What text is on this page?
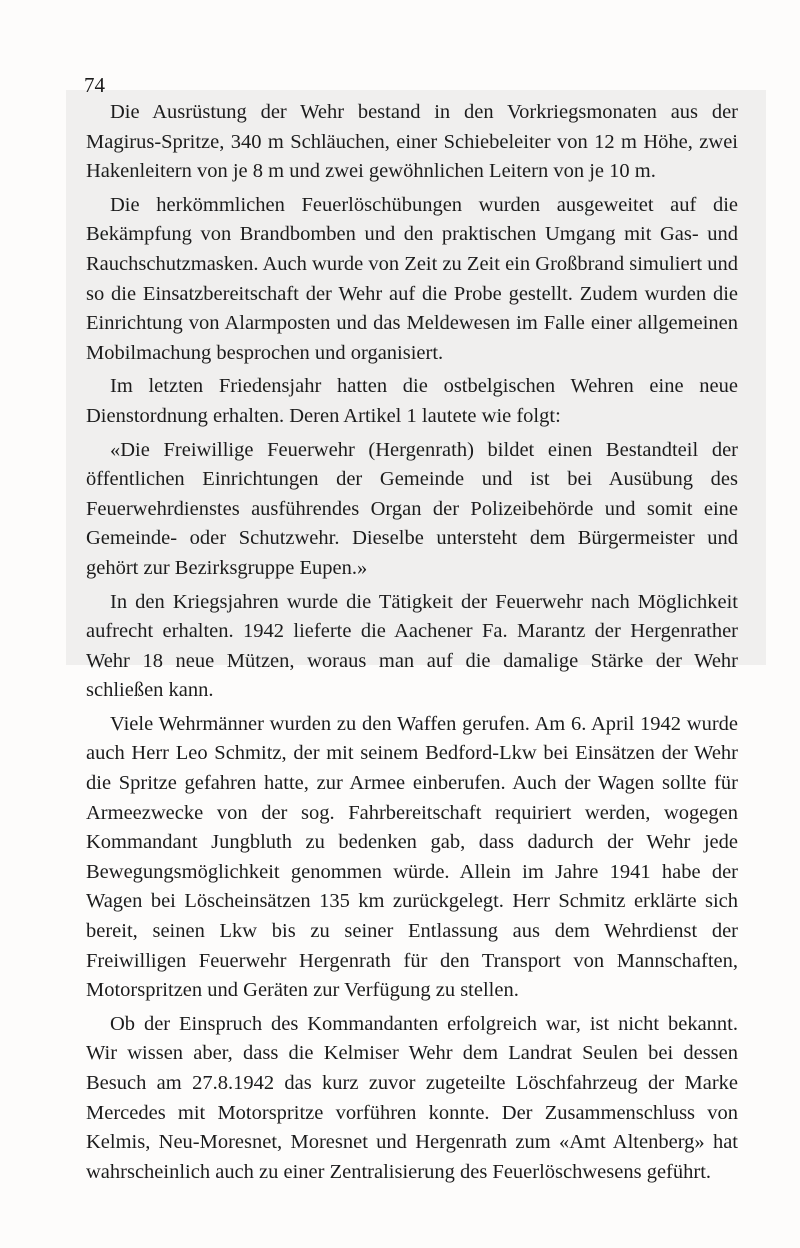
74

Die Ausrüstung der Wehr bestand in den Vorkriegsmonaten aus der Magirus-Spritze, 340 m Schläuchen, einer Schiebeleiter von 12 m Höhe, zwei Hakenleitern von je 8 m und zwei gewöhnlichen Leitern von je 10 m.

Die herkömmlichen Feuerlöschübungen wurden ausgeweitet auf die Bekämpfung von Brandbomben und den praktischen Umgang mit Gas- und Rauchschutzmasken. Auch wurde von Zeit zu Zeit ein Großbrand simuliert und so die Einsatzbereitschaft der Wehr auf die Probe gestellt. Zudem wurden die Einrichtung von Alarmposten und das Meldewesen im Falle einer allgemeinen Mobilmachung besprochen und organisiert.

Im letzten Friedensjahr hatten die ostbelgischen Wehren eine neue Dienstordnung erhalten. Deren Artikel 1 lautete wie folgt:

«Die Freiwillige Feuerwehr (Hergenrath) bildet einen Bestandteil der öffentlichen Einrichtungen der Gemeinde und ist bei Ausübung des Feuerwehrdienstes ausführendes Organ der Polizeibehörde und somit eine Gemeinde- oder Schutzwehr. Dieselbe untersteht dem Bürgermeister und gehört zur Bezirksgruppe Eupen.»

In den Kriegsjahren wurde die Tätigkeit der Feuerwehr nach Möglichkeit aufrecht erhalten. 1942 lieferte die Aachener Fa. Marantz der Hergenrather Wehr 18 neue Mützen, woraus man auf die damalige Stärke der Wehr schließen kann.

Viele Wehrmänner wurden zu den Waffen gerufen. Am 6. April 1942 wurde auch Herr Leo Schmitz, der mit seinem Bedford-Lkw bei Einsätzen der Wehr die Spritze gefahren hatte, zur Armee einberufen. Auch der Wagen sollte für Armeezwecke von der sog. Fahrbereitschaft requiriert werden, wogegen Kommandant Jungbluth zu bedenken gab, dass dadurch der Wehr jede Bewegungsmöglichkeit genommen würde. Allein im Jahre 1941 habe der Wagen bei Löscheinsätzen 135 km zurückgelegt. Herr Schmitz erklärte sich bereit, seinen Lkw bis zu seiner Entlassung aus dem Wehrdienst der Freiwilligen Feuerwehr Hergenrath für den Transport von Mannschaften, Motorspritzen und Geräten zur Verfügung zu stellen.

Ob der Einspruch des Kommandanten erfolgreich war, ist nicht bekannt. Wir wissen aber, dass die Kelmiser Wehr dem Landrat Seulen bei dessen Besuch am 27.8.1942 das kurz zuvor zugeteilte Löschfahrzeug der Marke Mercedes mit Motorspritze vorführen konnte. Der Zusammenschluss von Kelmis, Neu-Moresnet, Moresnet und Hergenrath zum «Amt Altenberg» hat wahrscheinlich auch zu einer Zentralisierung des Feuerlöschwesens geführt.
